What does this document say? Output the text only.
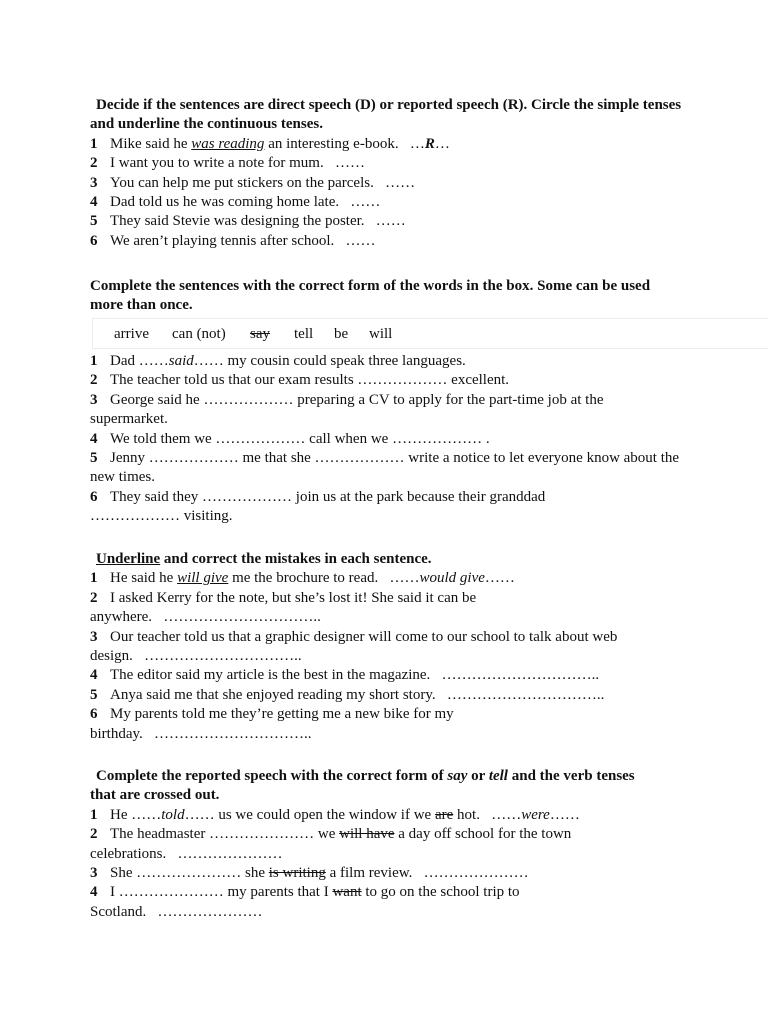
Decide if the sentences are direct speech (D) or reported speech (R). Circle the simple tenses and underline the continuous tenses.

1 Mike said he was reading an interesting e-book. …R…

2 I want you to write a note for mum. ……

3 You can help me put stickers on the parcels. ……

4 Dad told us he was coming home late. ……

5 They said Stevie was designing the poster. ……

6 We aren’t playing tennis after school. ……

Complete the sentences with the correct form of the words in the box. Some can be used more than once.

arrive can (not) say tell be will

1 Dad ……said…… my cousin could speak three languages.

2 The teacher told us that our exam results ……………… excellent.

3 George said he ……………… preparing a CV to apply for the part-time job at the supermarket.

4 We told them we ……………… call when we ……………… .

5 Jenny ……………… me that she ……………… write a notice to let everyone know about the new times.

6 They said they ……………… join us at the park because their granddad ……………… visiting.

Underline and correct the mistakes in each sentence.

1 He said he will give me the brochure to read. ……would give……

2 I asked Kerry for the note, but she’s lost it! She said it can be
anywhere. …………………………..

3 Our teacher told us that a graphic designer will come to our school to talk about web
design. …………………………..

4 The editor said my article is the best in the magazine. …………………………..

5 Anya said me that she enjoyed reading my short story. …………………………..

6 My parents told me they’re getting me a new bike for my
birthday. …………………………..

Complete the reported speech with the correct form of say or tell and the verb tenses that are crossed out.

1 He ……told…… us we could open the window if we are hot. ……were……

2 The headmaster ………………… we will have a day off school for the town
celebrations. …………………

3 She ………………… she is writing a film review. …………………

4 I ………………… my parents that I want to go on the school trip to
Scotland. …………………
